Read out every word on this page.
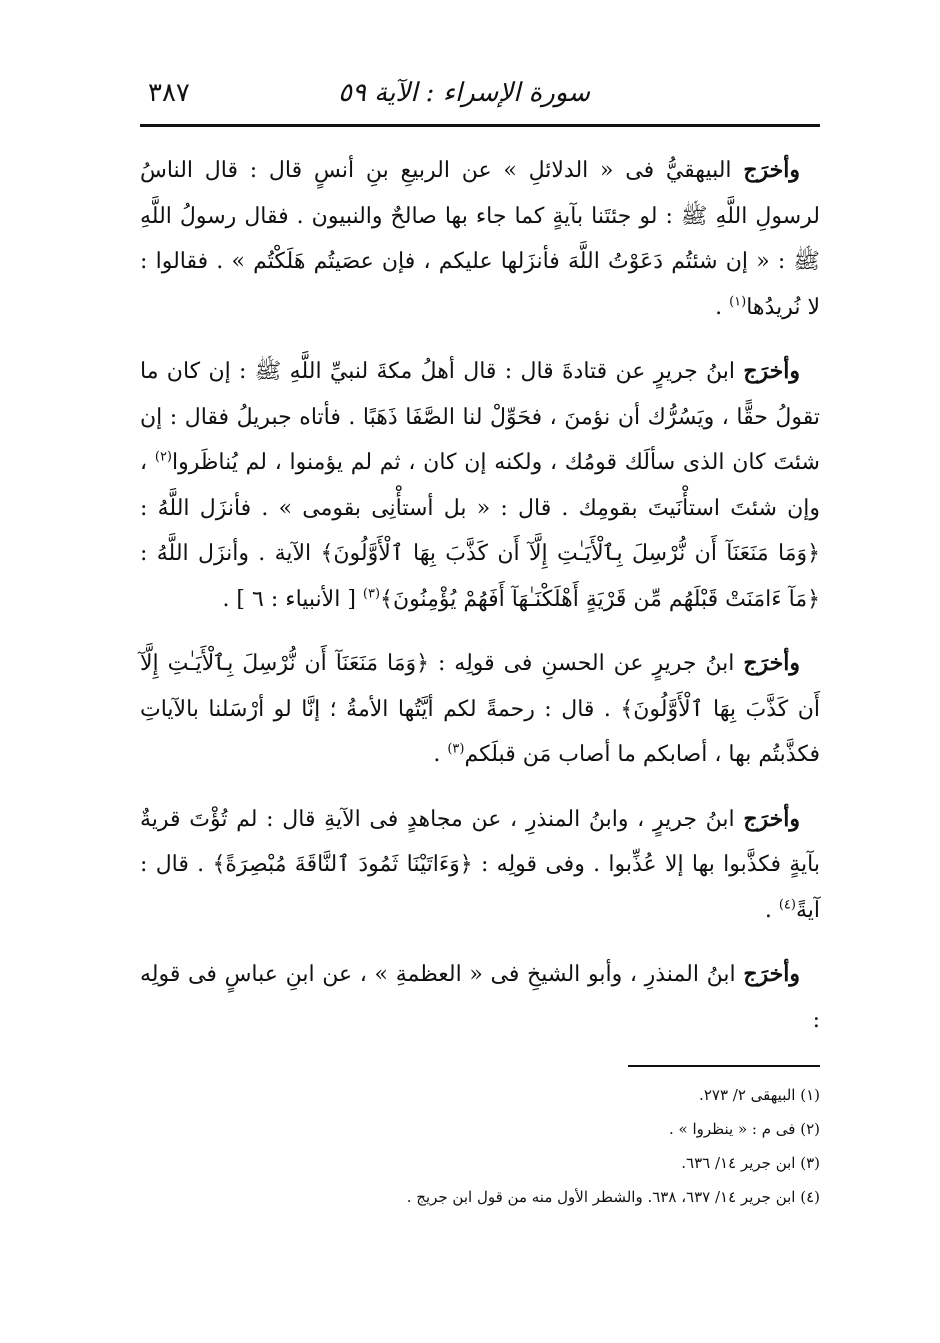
سورة الإسراء : الآية ٥٩
٣٨٧

وأخرَج البيهقيُّ فى « الدلائلِ » عن الربيعِ بنِ أنسٍ قال : قال الناسُ لرسولِ اللَّهِ ﷺ : لو جئتَنا بآيةٍ كما جاء بها صالحٌ والنبيون . فقال رسولُ اللَّهِ ﷺ : « إن شئتُم دَعَوْتُ اللَّهَ فأنزَلها عليكم ، فإن عصَيتُم هَلَكْتُم » . فقالوا : لا نُريدُها$^{(١)}$ .

وأخرَج ابنُ جريرٍ عن قتادةَ قال : قال أهلُ مكةَ لنبيِّ اللَّهِ ﷺ : إن كان ما تقولُ حقًّا ، ويَسُرُّك أن نؤمنَ ، فحَوِّلْ لنا الصَّفَا ذَهَبًا . فأتاه جبريلُ فقال : إن شئتَ كان الذى سألَك قومُك ، ولكنه إن كان ، ثم لم يؤمنوا ، لم يُناظَروا$^{(٢)}$ ، وإن شئتَ استأْنَيتَ بقومِك . قال : « بل أستأْنِى بقومى » . فأنزَل اللَّهُ : ﴿وَمَا مَنَعَنَآ أَن نُّرْسِلَ بِٱلْأَيَـٰتِ إِلَّآ أَن كَذَّبَ بِهَا ٱلْأَوَّلُونَ﴾ الآية . وأنزَل اللَّهُ : ﴿مَآ ءَامَنَتْ قَبْلَهُم مِّن قَرْيَةٍ أَهْلَكْنَـٰهَآ أَفَهُمْ يُؤْمِنُونَ﴾$^{(٣)}$ [ الأنبياء : ٦ ] .

وأخرَج ابنُ جريرٍ عن الحسنِ فى قولِه : ﴿وَمَا مَنَعَنَآ أَن نُّرْسِلَ بِٱلْأَيَـٰتِ إِلَّآ أَن كَذَّبَ بِهَا ٱلْأَوَّلُونَ﴾ . قال : رحمةً لكم أيَّتُها الأمةُ ؛ إنَّا لو أرْسَلنا بالآياتِ فكذَّبتُم بها ، أصابكم ما أصاب مَن قبلَكم$^{(٣)}$ .

وأخرَج ابنُ جريرٍ ، وابنُ المنذرِ ، عن مجاهدٍ فى الآيةِ قال : لم تُؤْتَ قريةٌ بآيةٍ فكذَّبوا بها إلا عُذِّبوا . وفى قولِه : ﴿وَءَاتَيْنَا ثَمُودَ ٱلنَّاقَةَ مُبْصِرَةً﴾ . قال : آيةً$^{(٤)}$ .

وأخرَج ابنُ المنذرِ ، وأبو الشيخِ فى « العظمةِ » ، عن ابنِ عباسٍ فى قولِه :

(١) البيهقى ٢/ ٢٧٣.
(٢) فى م : « ينظروا » .
(٣) ابن جرير ١٤/ ٦٣٦.
(٤) ابن جرير ١٤/ ٦٣٧، ٦٣٨. والشطر الأول منه من قول ابن جريج .
